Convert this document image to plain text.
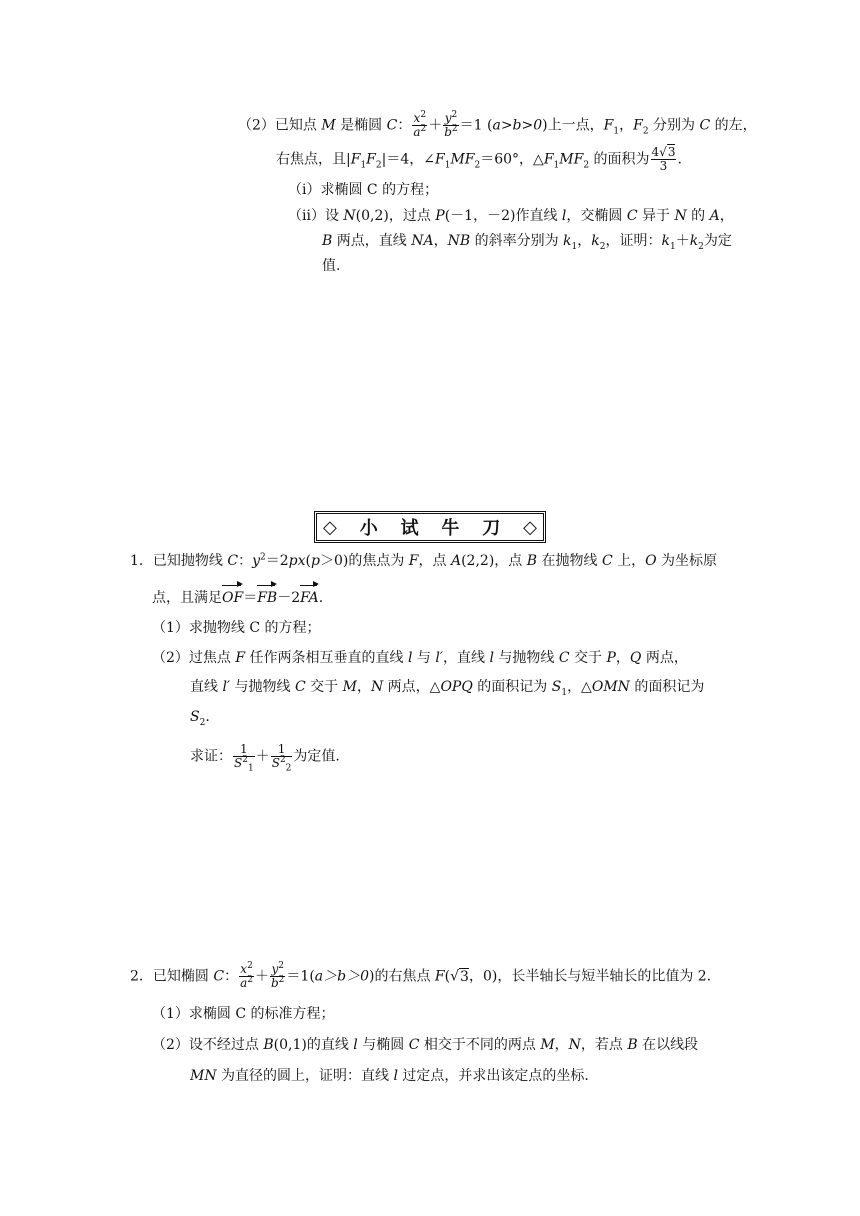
（2）已知点 M 是椭圆 C： $\frac{x^2}{a^2} + \frac{y^2}{b^2} =1$ (a>b>0)上一点，$F_1$，$F_2$ 分别为 C 的左，
右焦点，且$|F_1F_2|=4$，$\angle F_1MF_2=60^\circ$，$\triangle F_1MF_2$ 的面积为 $\frac{4√3}{3}$ .
（ⅰ）求椭圆 C 的方程；
（ⅱ）设 N(0,2)，过点 P(－1，－2)作直线 l，交椭圆 C 异于 N 的 A，
B 两点，直线 NA，NB 的斜率分别为 $k_1$，$k_2$，证明：$k_1+k_2$为定
值.
◇ 小 试 牛 刀 ◇
1．已知抛物线 C：$y^2=2px(p>0)$的焦点为 F，点 A(2,2)，点 B 在抛物线 C 上，O 为坐标原
点，且满足OF＝FB－2FA.
（1）求抛物线 C 的方程；
（2）过焦点 F 任作两条相互垂直的直线 l 与 l′，直线 l 与抛物线 C 交于 P，Q 两点，
直线 l′ 与抛物线 C 交于 M，N 两点，△OPQ 的面积记为 $S_1$，△OMN 的面积记为
$S_2$.
求证： $\frac{1}{S^2_1} + \frac{1}{S^2_2}$ 为定值.
2．已知椭圆 C： $\frac{x^2}{a^2} + \frac{y^2}{b^2} =1(a>b>0)$的右焦点 F(√3，0)，长半轴长与短半轴长的比值为 2.
（1）求椭圆 C 的标准方程；
（2）设不经过点 B(0,1)的直线 l 与椭圆 C 相交于不同的两点 M，N，若点 B 在以线段
MN 为直径的圆上，证明：直线 l 过定点，并求出该定点的坐标.
